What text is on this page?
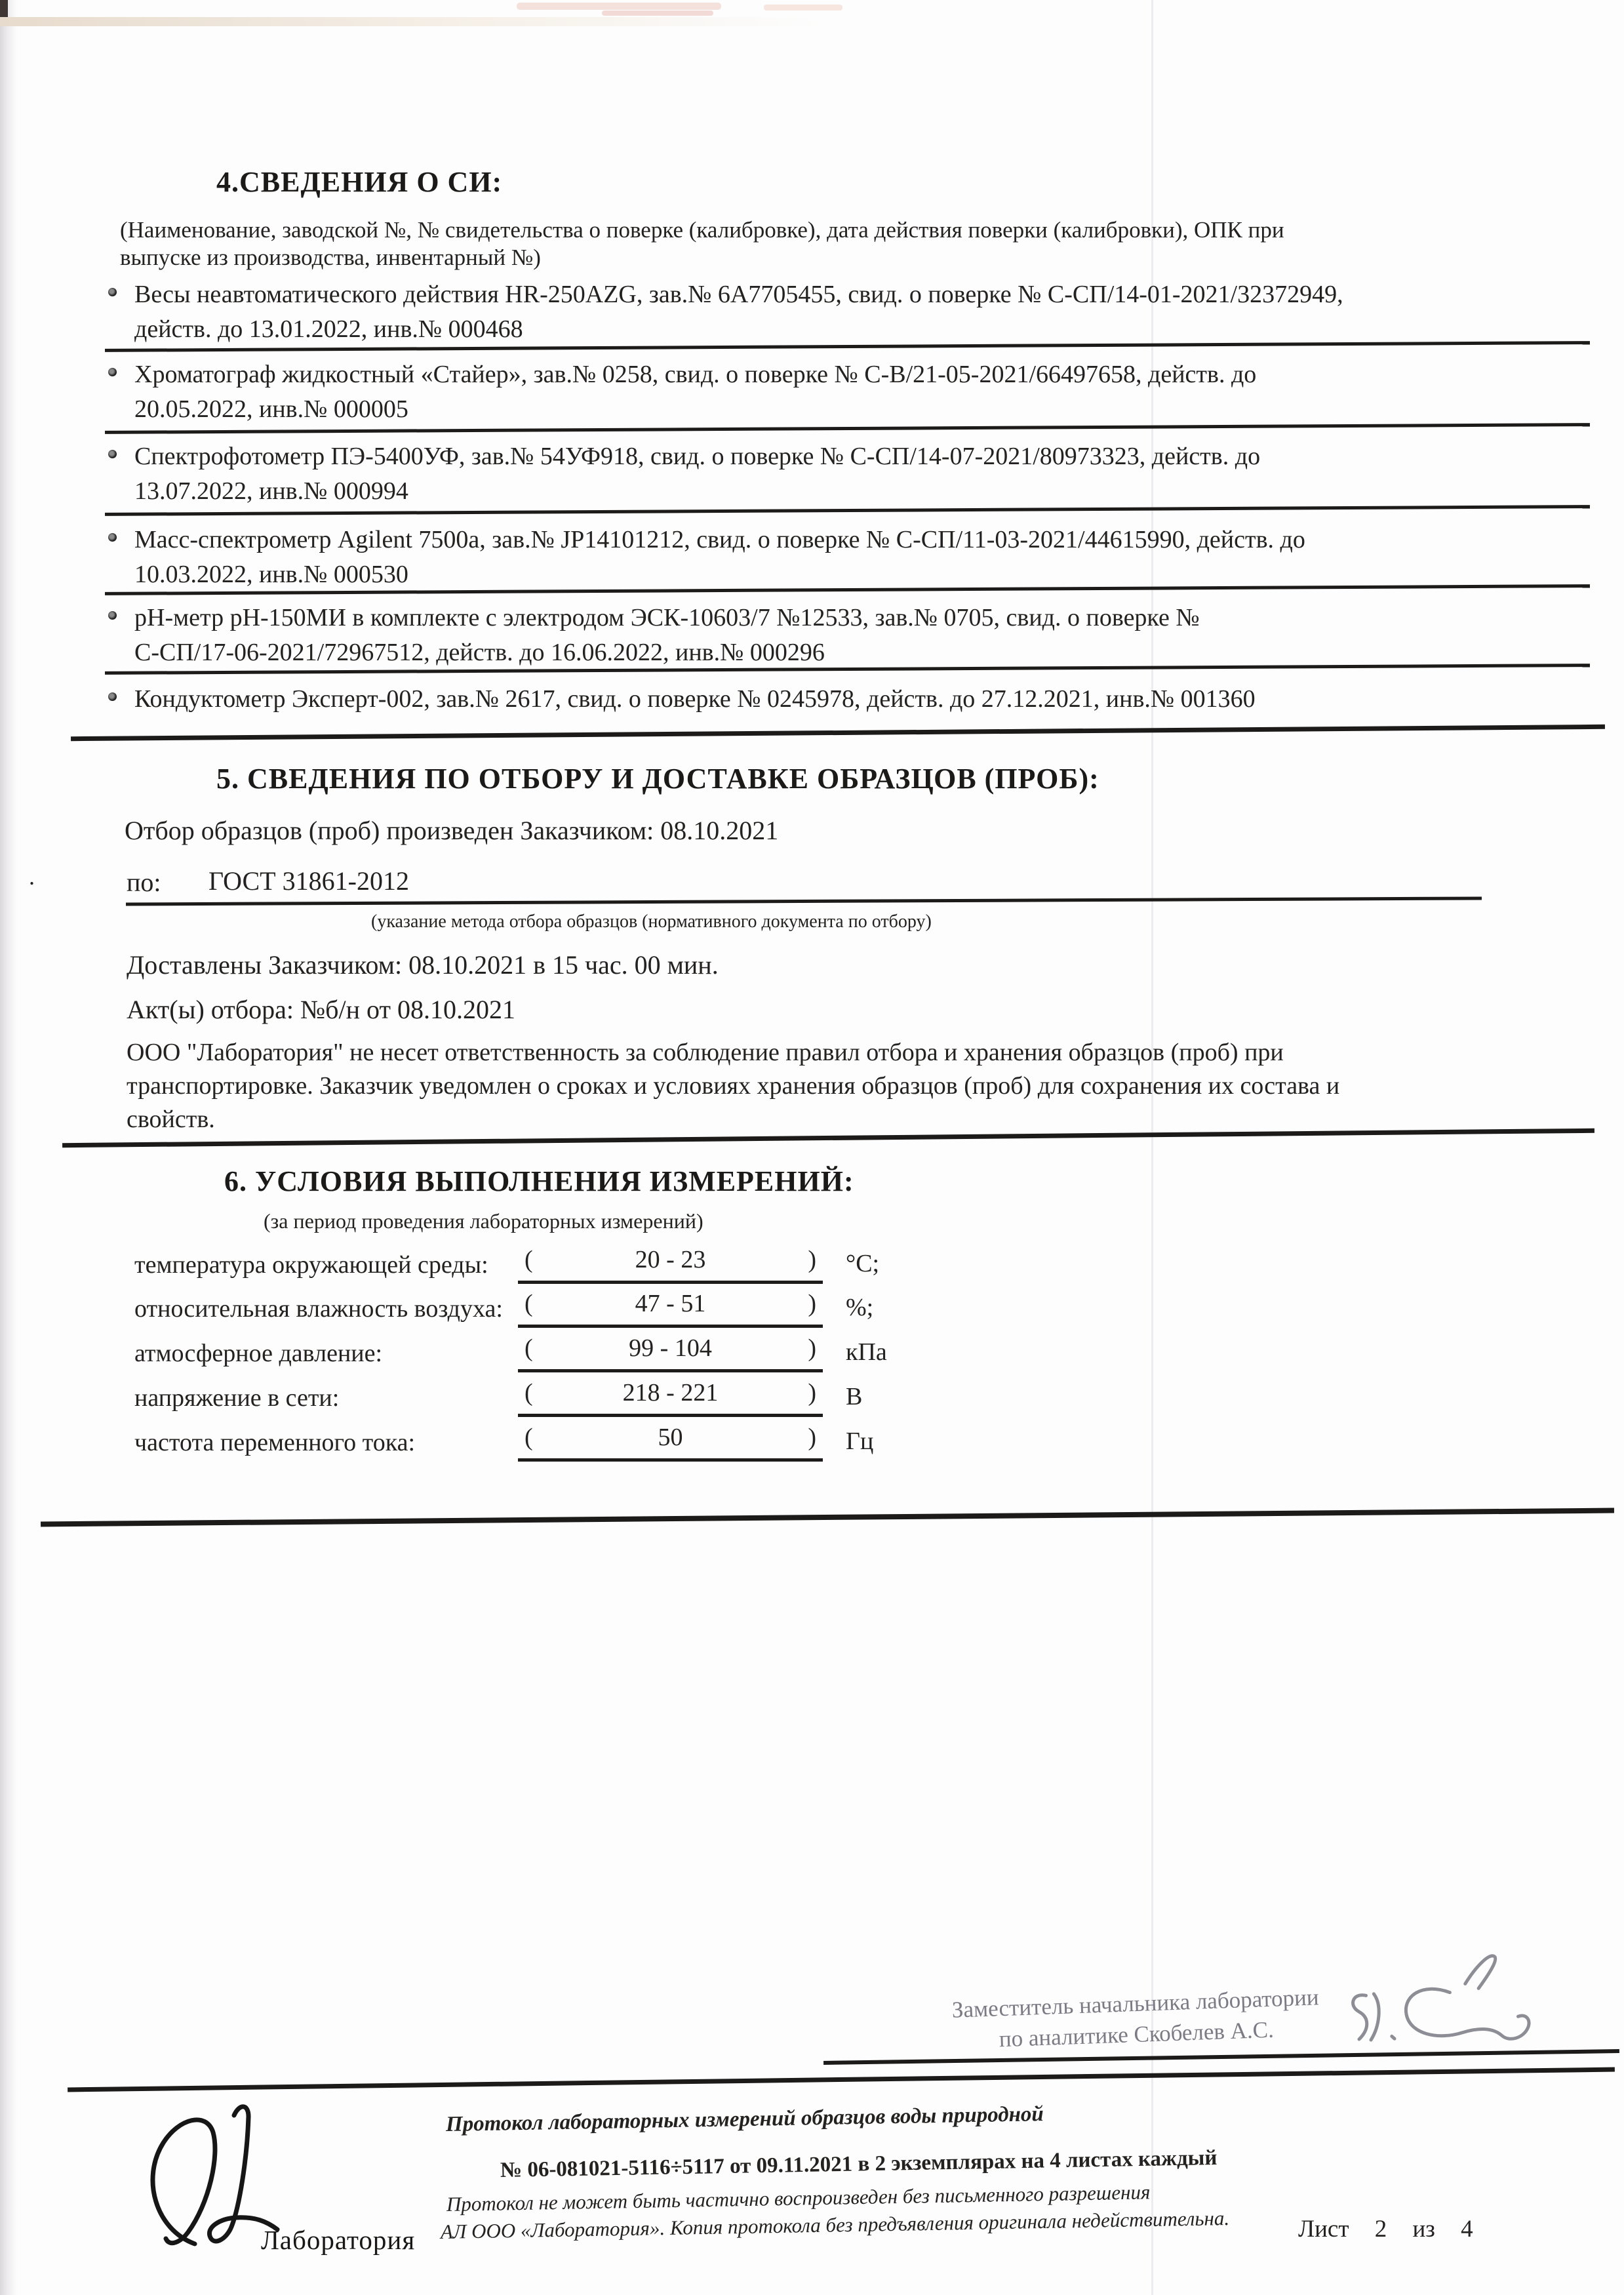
4.СВЕДЕНИЯ О СИ:
(Наименование, заводской №, № свидетельства о поверке (калибровке), дата действия поверки (калибровки), ОПК при
выпуске из производства, инвентарный №)
Весы неавтоматического действия HR-250AZG, зав.№ 6A7705455, свид. о поверке № С-СП/14-01-2021/32372949,
действ. до 13.01.2022, инв.№ 000468
Хроматограф жидкостный «Стайер», зав.№ 0258, свид. о поверке № С-В/21-05-2021/66497658, действ. до
20.05.2022, инв.№ 000005
Спектрофотометр ПЭ-5400УФ, зав.№ 54УФ918, свид. о поверке № С-СП/14-07-2021/80973323, действ. до
13.07.2022, инв.№ 000994
Масс-спектрометр Agilent 7500a, зав.№ JP14101212, свид. о поверке № С-СП/11-03-2021/44615990, действ. до
10.03.2022, инв.№ 000530
pH-метр pH-150МИ в комплекте с электродом ЭСК-10603/7 №12533, зав.№ 0705, свид. о поверке №
С-СП/17-06-2021/72967512, действ. до 16.06.2022, инв.№ 000296
Кондуктометр Эксперт-002, зав.№ 2617, свид. о поверке № 0245978, действ. до 27.12.2021, инв.№ 001360
5. СВЕДЕНИЯ ПО ОТБОРУ И ДОСТАВКЕ ОБРАЗЦОВ (ПРОБ):
Отбор образцов (проб) произведен Заказчиком: 08.10.2021
.	по: ГОСТ 31861-2012
(указание метода отбора образцов (нормативного документа по отбору)
Доставлены Заказчиком: 08.10.2021 в 15 час. 00 мин.
Акт(ы) отбора: №б/н от 08.10.2021
ООО "Лаборатория" не несет ответственность за соблюдение правил отбора и хранения образцов (проб) при
транспортировке. Заказчик уведомлен о сроках и условиях хранения образцов (проб) для сохранения их состава и
свойств.
6. УСЛОВИЯ ВЫПОЛНЕНИЯ ИЗМЕРЕНИЙ:
(за период проведения лабораторных измерений)
температура окружающей среды: (	20 - 23	) °С;
относительная влажность воздуха: (	47 - 51	) %;
атмосферное давление:	(	99 - 104	) кПа
напряжение в сети:	(	218 - 221	) В
частота переменного тока:	(	50	) Гц
Заместитель начальника лаборатории
по аналитике Скобелев А.С.
Лаборатория
Протокол лабораторных измерений образцов воды природной
№ 06-081021-5116÷5117 от 09.11.2021 в 2 экземплярах на 4 листах каждый
Протокол не может быть частично воспроизведен без письменного разрешения
АЛ ООО «Лаборатория». Копия протокола без предъявления оригинала недействительна.	Лист 2 из 4
